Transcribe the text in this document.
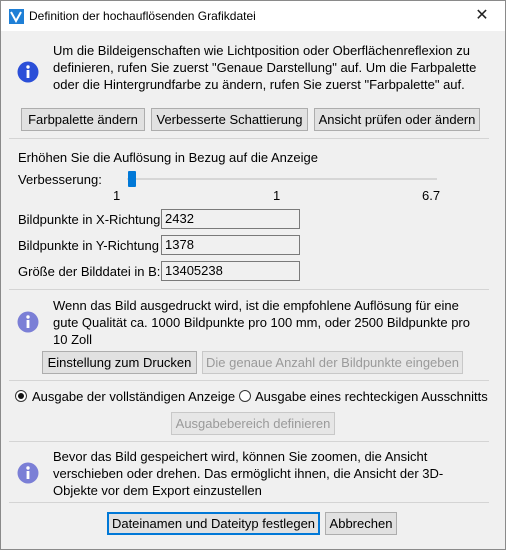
Definition der hochauflösenden Grafikdatei	✕
Um die Bildeigenschaften wie Lichtposition oder Oberflächenreflexion zu definieren, rufen Sie zuerst "Genaue Darstellung" auf. Um die Farbpalette oder die Hintergrundfarbe zu ändern, rufen Sie zuerst "Farbpalette" auf.
Farbpalette ändern	Verbesserte Schattierung	Ansicht prüfen oder ändern
Erhöhen Sie die Auflösung in Bezug auf die Anzeige
Verbesserung:
1	1	6.7
Bildpunkte in X-Richtung 2432
Bildpunkte in Y-Richtung 1378
Größe der Bilddatei in B: 13405238
Wenn das Bild ausgedruckt wird, ist die empfohlene Auflösung für eine gute Qualität ca. 1000 Bildpunkte pro 100 mm, oder 2500 Bildpunkte pro 10 Zoll
Einstellung zum Drucken	Die genaue Anzahl der Bildpunkte eingeben
Ausgabe der vollständigen Anzeige Ausgabe eines rechteckigen Ausschnitts
Ausgabebereich definieren
Bevor das Bild gespeichert wird, können Sie zoomen, die Ansicht verschieben oder drehen. Das ermöglicht ihnen, die Ansicht der 3D-Objekte vor dem Export einzustellen
Dateinamen und Dateityp festlegen	Abbrechen
